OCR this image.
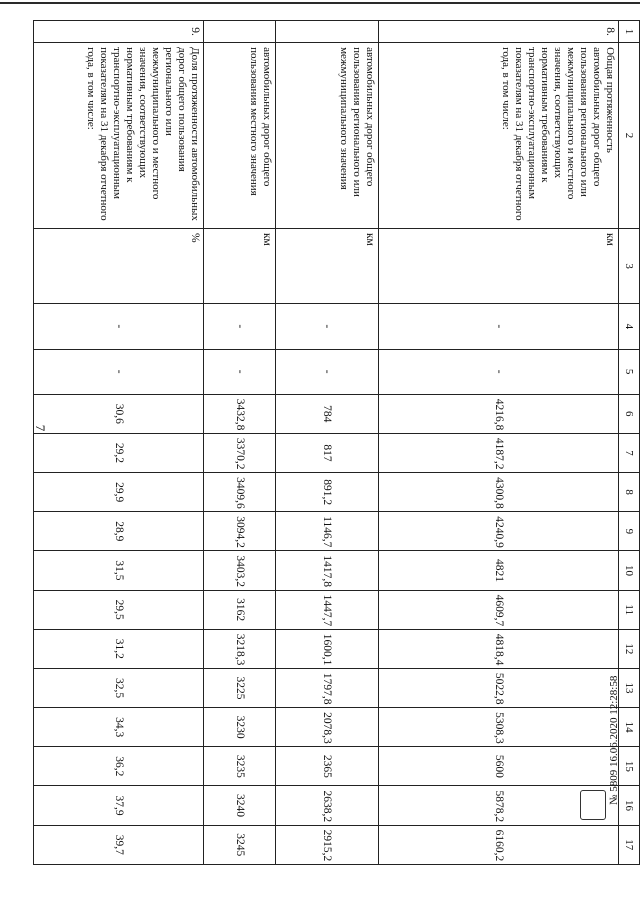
7
1	2	3	4	5	6	7	8	9	10	11	12	13	14	15	16	17
8.	Общая протяженность автомобильных дорог общего пользования регионального или межмуниципального и местного значения, соответствующих нормативным требованиям к транспортно-эксплуатационным показателям на 31 декабря отчетного года, в том числе:	км	-	-	4216,8	4187,2	4300,8	4240,9	4821	4609,7	4818,4	5022,8	5308,3	5600	5878,2	6160,2
	автомобильных дорог общего пользования регионального или межмуниципального значения	км	-	-	784	817	891,2	1146,7	1417,8	1447,7	1600,1	1797,8	2078,3	2365	2638,2	2915,2
	автомобильных дорог общего пользования местного значения	км	-	-	3432,8	3370,2	3409,6	3094,2	3403,2	3162	3218,3	3225	3230	3235	3240	3245
9.	Доля протяженности автомобильных дорог общего пользования регионального или межмуниципального и местного значения, соответствующих нормативным требованиям к транспортно-эксплуатационным показателям на 31 декабря отчетного года, в том числе:	%	-	-	30,6	29,2	29,9	28,9	31,5	29,5	31,2	32,5	34,3	36,2	37,9	39,7
№ 5809 16.06.2020 12:28:58
